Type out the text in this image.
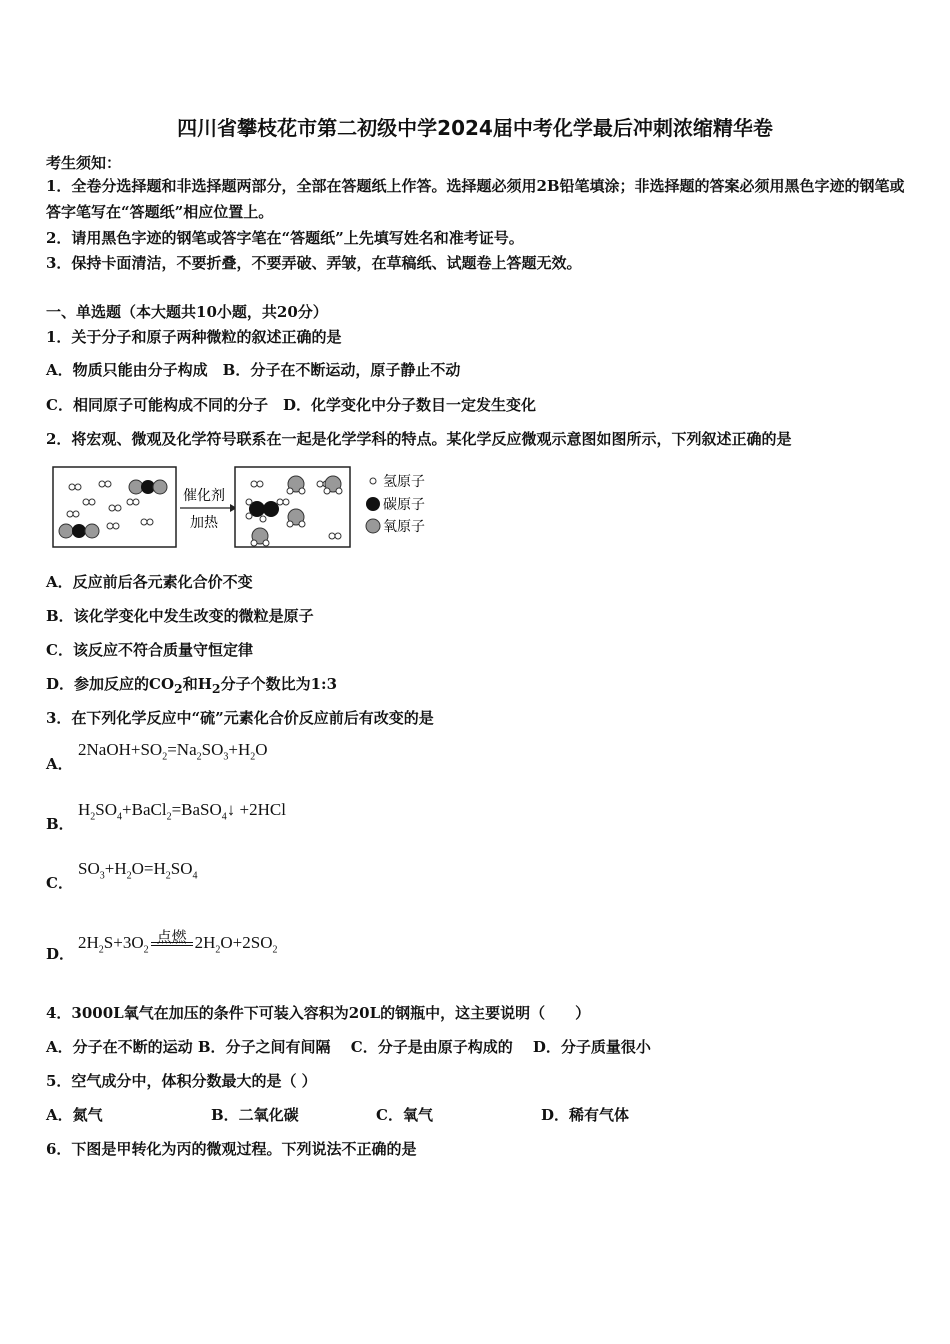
四川省攀枝花市第二初级中学2024届中考化学最后冲刺浓缩精华卷
考生须知：
1．全卷分选择题和非选择题两部分，全部在答题纸上作答。选择题必须用2B铅笔填涂；非选择题的答案必须用黑色字迹的钢笔或答字笔写在“答题纸”相应位置上。
2．请用黑色字迹的钢笔或答字笔在“答题纸”上先填写姓名和准考证号。
3．保持卡面清洁，不要折叠，不要弄破、弄皱，在草稿纸、试题卷上答题无效。
一、单选题（本大题共10小题，共20分）
1．关于分子和原子两种微粒的叙述正确的是
A．物质只能由分子构成　B．分子在不断运动，原子静止不动
C．相同原子可能构成不同的分子　D．化学变化中分子数目一定发生变化
2．将宏观、微观及化学符号联系在一起是化学学科的特点。某化学反应微观示意图如图所示，下列叙述正确的是
催化剂
加热
氢原子
碳原子
氧原子
A．反应前后各元素化合价不变
B．该化学变化中发生改变的微粒是原子
C．该反应不符合质量守恒定律
D．参加反应的$CO_2$和$H_2$分子个数比为1:3
3．在下列化学反应中“硫”元素化合价反应前后有改变的是
A．
$2NaOH+SO_2=Na_2SO_3+H_2O$
B．
$H_2SO_4+BaCl_2=BaSO_4↓ +2HCl$
C．
$SO_3+H_2O=H_2SO_4$
D．
$2H_2S+3O_2$
点燃 $2H_2O+2SO_2$
4．3000L氧气在加压的条件下可装入容积为20L的钢瓶中，这主要说明（　　）
A．分子在不断的运动 B．分子之间有间隔　 C．分子是由原子构成的　 D．分子质量很小
5．空气成分中，体积分数最大的是（ ）
A．氮气	B．二氧化碳	C．氧气	D．稀有气体
6．下图是甲转化为丙的微观过程。下列说法不正确的是
